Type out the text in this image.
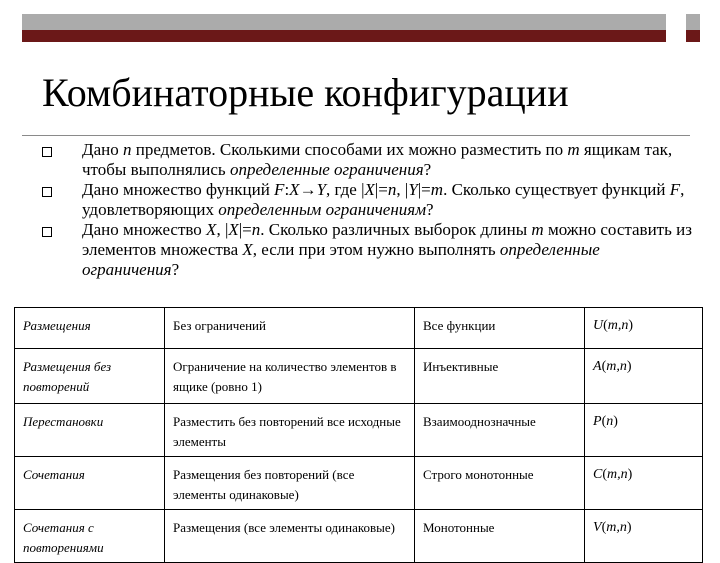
Комбинаторные конфигурации
Дано n предметов. Сколькими способами их можно разместить по m ящикам так, чтобы выполнялись определенные ограничения?
Дано множество функций F:X→Y, где |X|=n, |Y|=m. Сколько существует функций F, удовлетворяющих определенным ограничениям?
Дано множество X, |X|=n. Сколько различных выборок длины m можно составить из элементов множества X, если при этом нужно выполнять определенные ограничения?
Размещения	Без ограничений	Все функции	U(m,n)
Размещения без повторений	Ограничение на количество элементов в ящике (ровно 1)	Инъективные	A(m,n)
Перестановки	Разместить без повторений все исходные элементы	Взаимооднозначные	P(n)
Сочетания	Размещения без повторений (все элементы одинаковые)	Строго монотонные	C(m,n)
Сочетания с повторениями	Размещения (все элементы одинаковые)	Монотонные	V(m,n)
